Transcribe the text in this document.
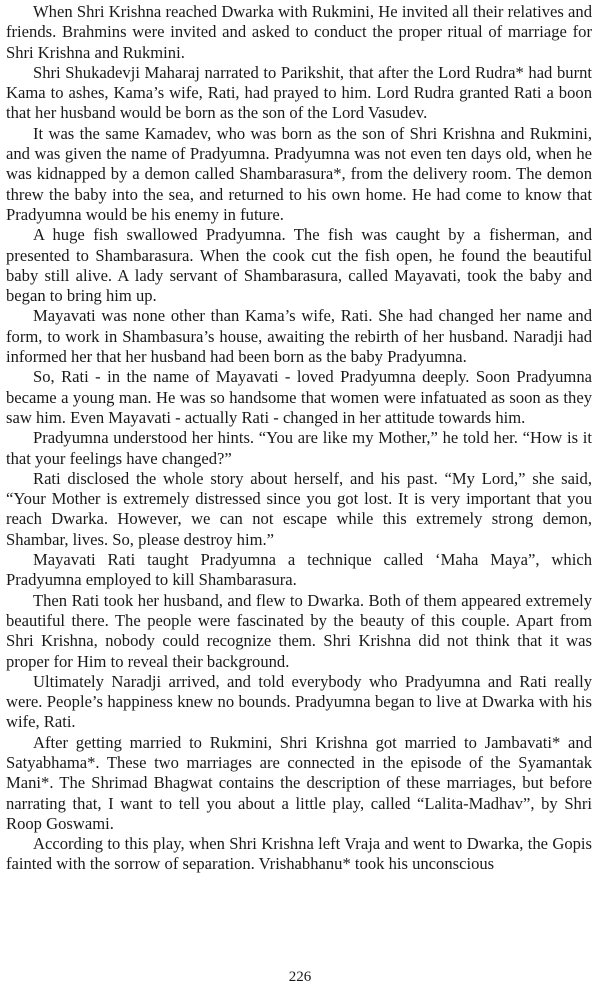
When Shri Krishna reached Dwarka with Rukmini, He invited all their relatives and friends. Brahmins were invited and asked to conduct the proper ritual of marriage for Shri Krishna and Rukmini.

Shri Shukadevji Maharaj narrated to Parikshit, that after the Lord Rudra* had burnt Kama to ashes, Kama’s wife, Rati, had prayed to him. Lord Rudra granted Rati a boon that her husband would be born as the son of the Lord Vasudev.

It was the same Kamadev, who was born as the son of Shri Krishna and Rukmini, and was given the name of Pradyumna. Pradyumna was not even ten days old, when he was kidnapped by a demon called Shambarasura*, from the delivery room. The demon threw the baby into the sea, and returned to his own home. He had come to know that Pradyumna would be his enemy in future.

A huge fish swallowed Pradyumna. The fish was caught by a fisherman, and presented to Shambarasura. When the cook cut the fish open, he found the beautiful baby still alive. A lady servant of Shambarasura, called Mayavati, took the baby and began to bring him up.

Mayavati was none other than Kama’s wife, Rati. She had changed her name and form, to work in Shambasura’s house, awaiting the rebirth of her husband. Naradji had informed her that her husband had been born as the baby Pradyumna.

So, Rati - in the name of Mayavati - loved Pradyumna deeply. Soon Pradyumna became a young man. He was so handsome that women were infatuated as soon as they saw him. Even Mayavati - actually Rati - changed in her attitude towards him.

Pradyumna understood her hints. “You are like my Mother,” he told her. “How is it that your feelings have changed?”

Rati disclosed the whole story about herself, and his past. “My Lord,” she said, “Your Mother is extremely distressed since you got lost. It is very important that you reach Dwarka. However, we can not escape while this extremely strong demon, Shambar, lives. So, please destroy him.”

Mayavati Rati taught Pradyumna a technique called ‘Maha Maya”, which Pradyumna employed to kill Shambarasura.

Then Rati took her husband, and flew to Dwarka. Both of them appeared extremely beautiful there. The people were fascinated by the beauty of this couple. Apart from Shri Krishna, nobody could recognize them. Shri Krishna did not think that it was proper for Him to reveal their background.

Ultimately Naradji arrived, and told everybody who Pradyumna and Rati really were. People’s happiness knew no bounds. Pradyumna began to live at Dwarka with his wife, Rati.

After getting married to Rukmini, Shri Krishna got married to Jambavati* and Satyabhama*. These two marriages are connected in the episode of the Syamantak Mani*. The Shrimad Bhagwat contains the description of these marriages, but before narrating that, I want to tell you about a little play, called “Lalita-Madhav”, by Shri Roop Goswami.

According to this play, when Shri Krishna left Vraja and went to Dwarka, the Gopis fainted with the sorrow of separation. Vrishabhanu* took his unconscious

226
